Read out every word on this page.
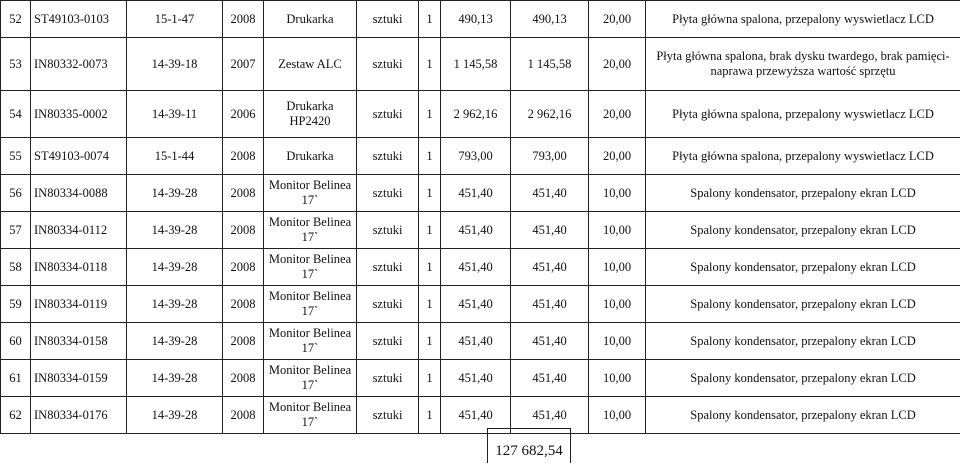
52	ST49103-0103	15-1-47	2008	Drukarka	sztuki	1	490,13	490,13	20,00	Płyta główna spalona, przepalony wyswietlacz LCD
53	IN80332-0073	14-39-18	2007	Zestaw ALC	sztuki	1	1 145,58	1 145,58	20,00	Płyta główna spalona, brak dysku twardego, brak pamięci- naprawa przewyższa wartość sprzętu
54	IN80335-0002	14-39-11	2006	Drukarka HP2420	sztuki	1	2 962,16	2 962,16	20,00	Płyta główna spalona, przepalony wyswietlacz LCD
55	ST49103-0074	15-1-44	2008	Drukarka	sztuki	1	793,00	793,00	20,00	Płyta główna spalona, przepalony wyswietlacz LCD
56	IN80334-0088	14-39-28	2008	Monitor Belinea 17`	sztuki	1	451,40	451,40	10,00	Spalony kondensator, przepalony ekran LCD
57	IN80334-0112	14-39-28	2008	Monitor Belinea 17`	sztuki	1	451,40	451,40	10,00	Spalony kondensator, przepalony ekran LCD
58	IN80334-0118	14-39-28	2008	Monitor Belinea 17`	sztuki	1	451,40	451,40	10,00	Spalony kondensator, przepalony ekran LCD
59	IN80334-0119	14-39-28	2008	Monitor Belinea 17`	sztuki	1	451,40	451,40	10,00	Spalony kondensator, przepalony ekran LCD
60	IN80334-0158	14-39-28	2008	Monitor Belinea 17`	sztuki	1	451,40	451,40	10,00	Spalony kondensator, przepalony ekran LCD
61	IN80334-0159	14-39-28	2008	Monitor Belinea 17`	sztuki	1	451,40	451,40	10,00	Spalony kondensator, przepalony ekran LCD
62	IN80334-0176	14-39-28	2008	Monitor Belinea 17`	sztuki	1	451,40	451,40	10,00	Spalony kondensator, przepalony ekran LCD
127 682,54
